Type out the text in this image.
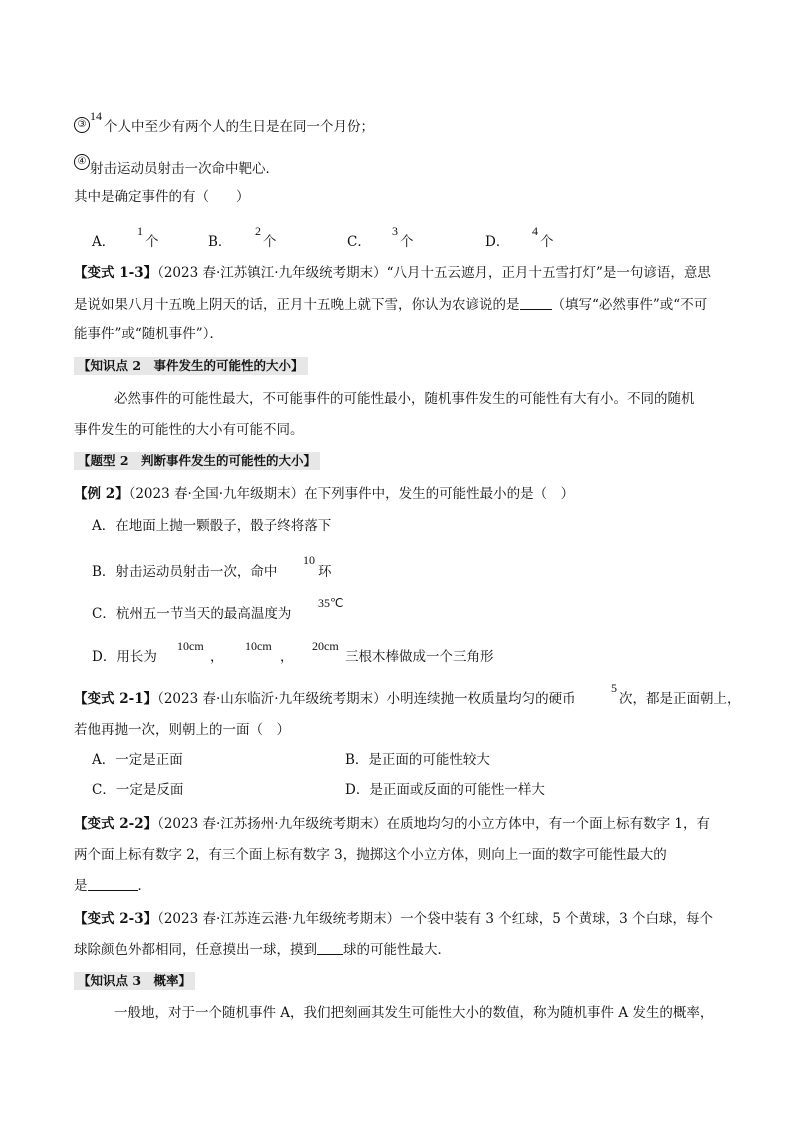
③
14
个人中至少有两个人的生日是在同一个月份；
④ 射击运动员射击一次命中靶心．
其中是确定事件的有（　　）
A．
1
个	B．
2
个	C．
3
个	D．
4
个
【变式 1-3】（2023 春·江苏镇江·九年级统考期末）“八月十五云遮月，正月十五雪打灯”是一句谚语，意思
是说如果八月十五晚上阴天的话，正月十五晚上就下雪，你认为农谚说的是 （填写“必然事件”或“不可
能事件”或“随机事件”）．
【知识点 2　事件发生的可能性的大小】
必然事件的可能性最大，不可能事件的可能性最小，随机事件发生的可能性有大有小。不同的随机
事件发生的可能性的大小有可能不同。
【题型 2　判断事件发生的可能性的大小】
【例 2】（2023 春·全国·九年级期末）在下列事件中，发生的可能性最小的是（　）
A．在地面上抛一颗骰子，骰子终将落下
B．射击运动员射击一次，命中
10
环
C．杭州五一节当天的最高温度为
35℃
D．用长为
10cm
，
10cm
，
20cm
三根木棒做成一个三角形
【变式 2-1】（2023 春·山东临沂·九年级统考期末）小明连续抛一枚质量均匀的硬币
5
次，都是正面朝上，
若他再抛一次，则朝上的一面（　）
A．一定是正面	B．是正面的可能性较大
C．一定是反面	D．是正面或反面的可能性一样大
【变式 2-2】（2023 春·江苏扬州·九年级统考期末）在质地均匀的小立方体中，有一个面上标有数字 1，有
两个面上标有数字 2，有三个面上标有数字 3，抛掷这个小立方体，则向上一面的数字可能性最大的
是	．
【变式 2-3】（2023 春·江苏连云港·九年级统考期末）一个袋中装有 3 个红球，5 个黄球，3 个白球，每个
球除颜色外都相同，任意摸出一球，摸到 球的可能性最大．
【知识点 3　概率】
一般地，对于一个随机事件 A，我们把刻画其发生可能性大小的数值，称为随机事件 A 发生的概率，
